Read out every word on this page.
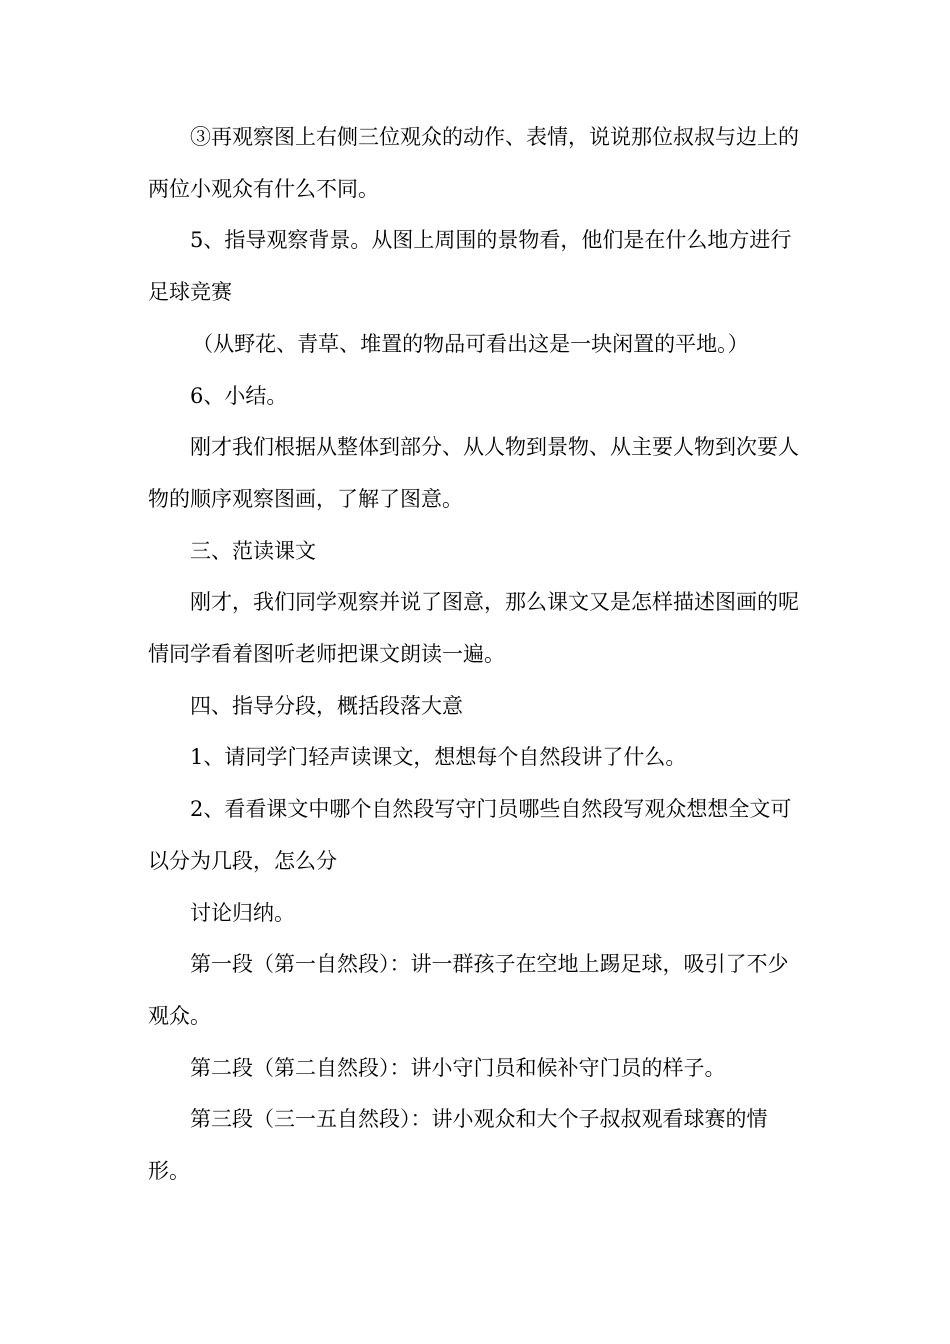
③再观察图上右侧三位观众的动作、表情，说说那位叔叔与边上的两位小观众有什么不同。

5、指导观察背景。从图上周围的景物看，他们是在什么地方进行足球竞赛

（从野花、青草、堆置的物品可看出这是一块闲置的平地。）

6、小结。

刚才我们根据从整体到部分、从人物到景物、从主要人物到次要人物的顺序观察图画，了解了图意。

三、范读课文

刚才，我们同学观察并说了图意，那么课文又是怎样描述图画的呢情同学看着图听老师把课文朗读一遍。

四、指导分段，概括段落大意

1、请同学门轻声读课文，想想每个自然段讲了什么。

2、看看课文中哪个自然段写守门员哪些自然段写观众想想全文可以分为几段，怎么分

讨论归纳。

第一段（第一自然段）：讲一群孩子在空地上踢足球，吸引了不少观众。

第二段（第二自然段）：讲小守门员和候补守门员的样子。

第三段（三一五自然段）：讲小观众和大个子叔叔观看球赛的情形。
